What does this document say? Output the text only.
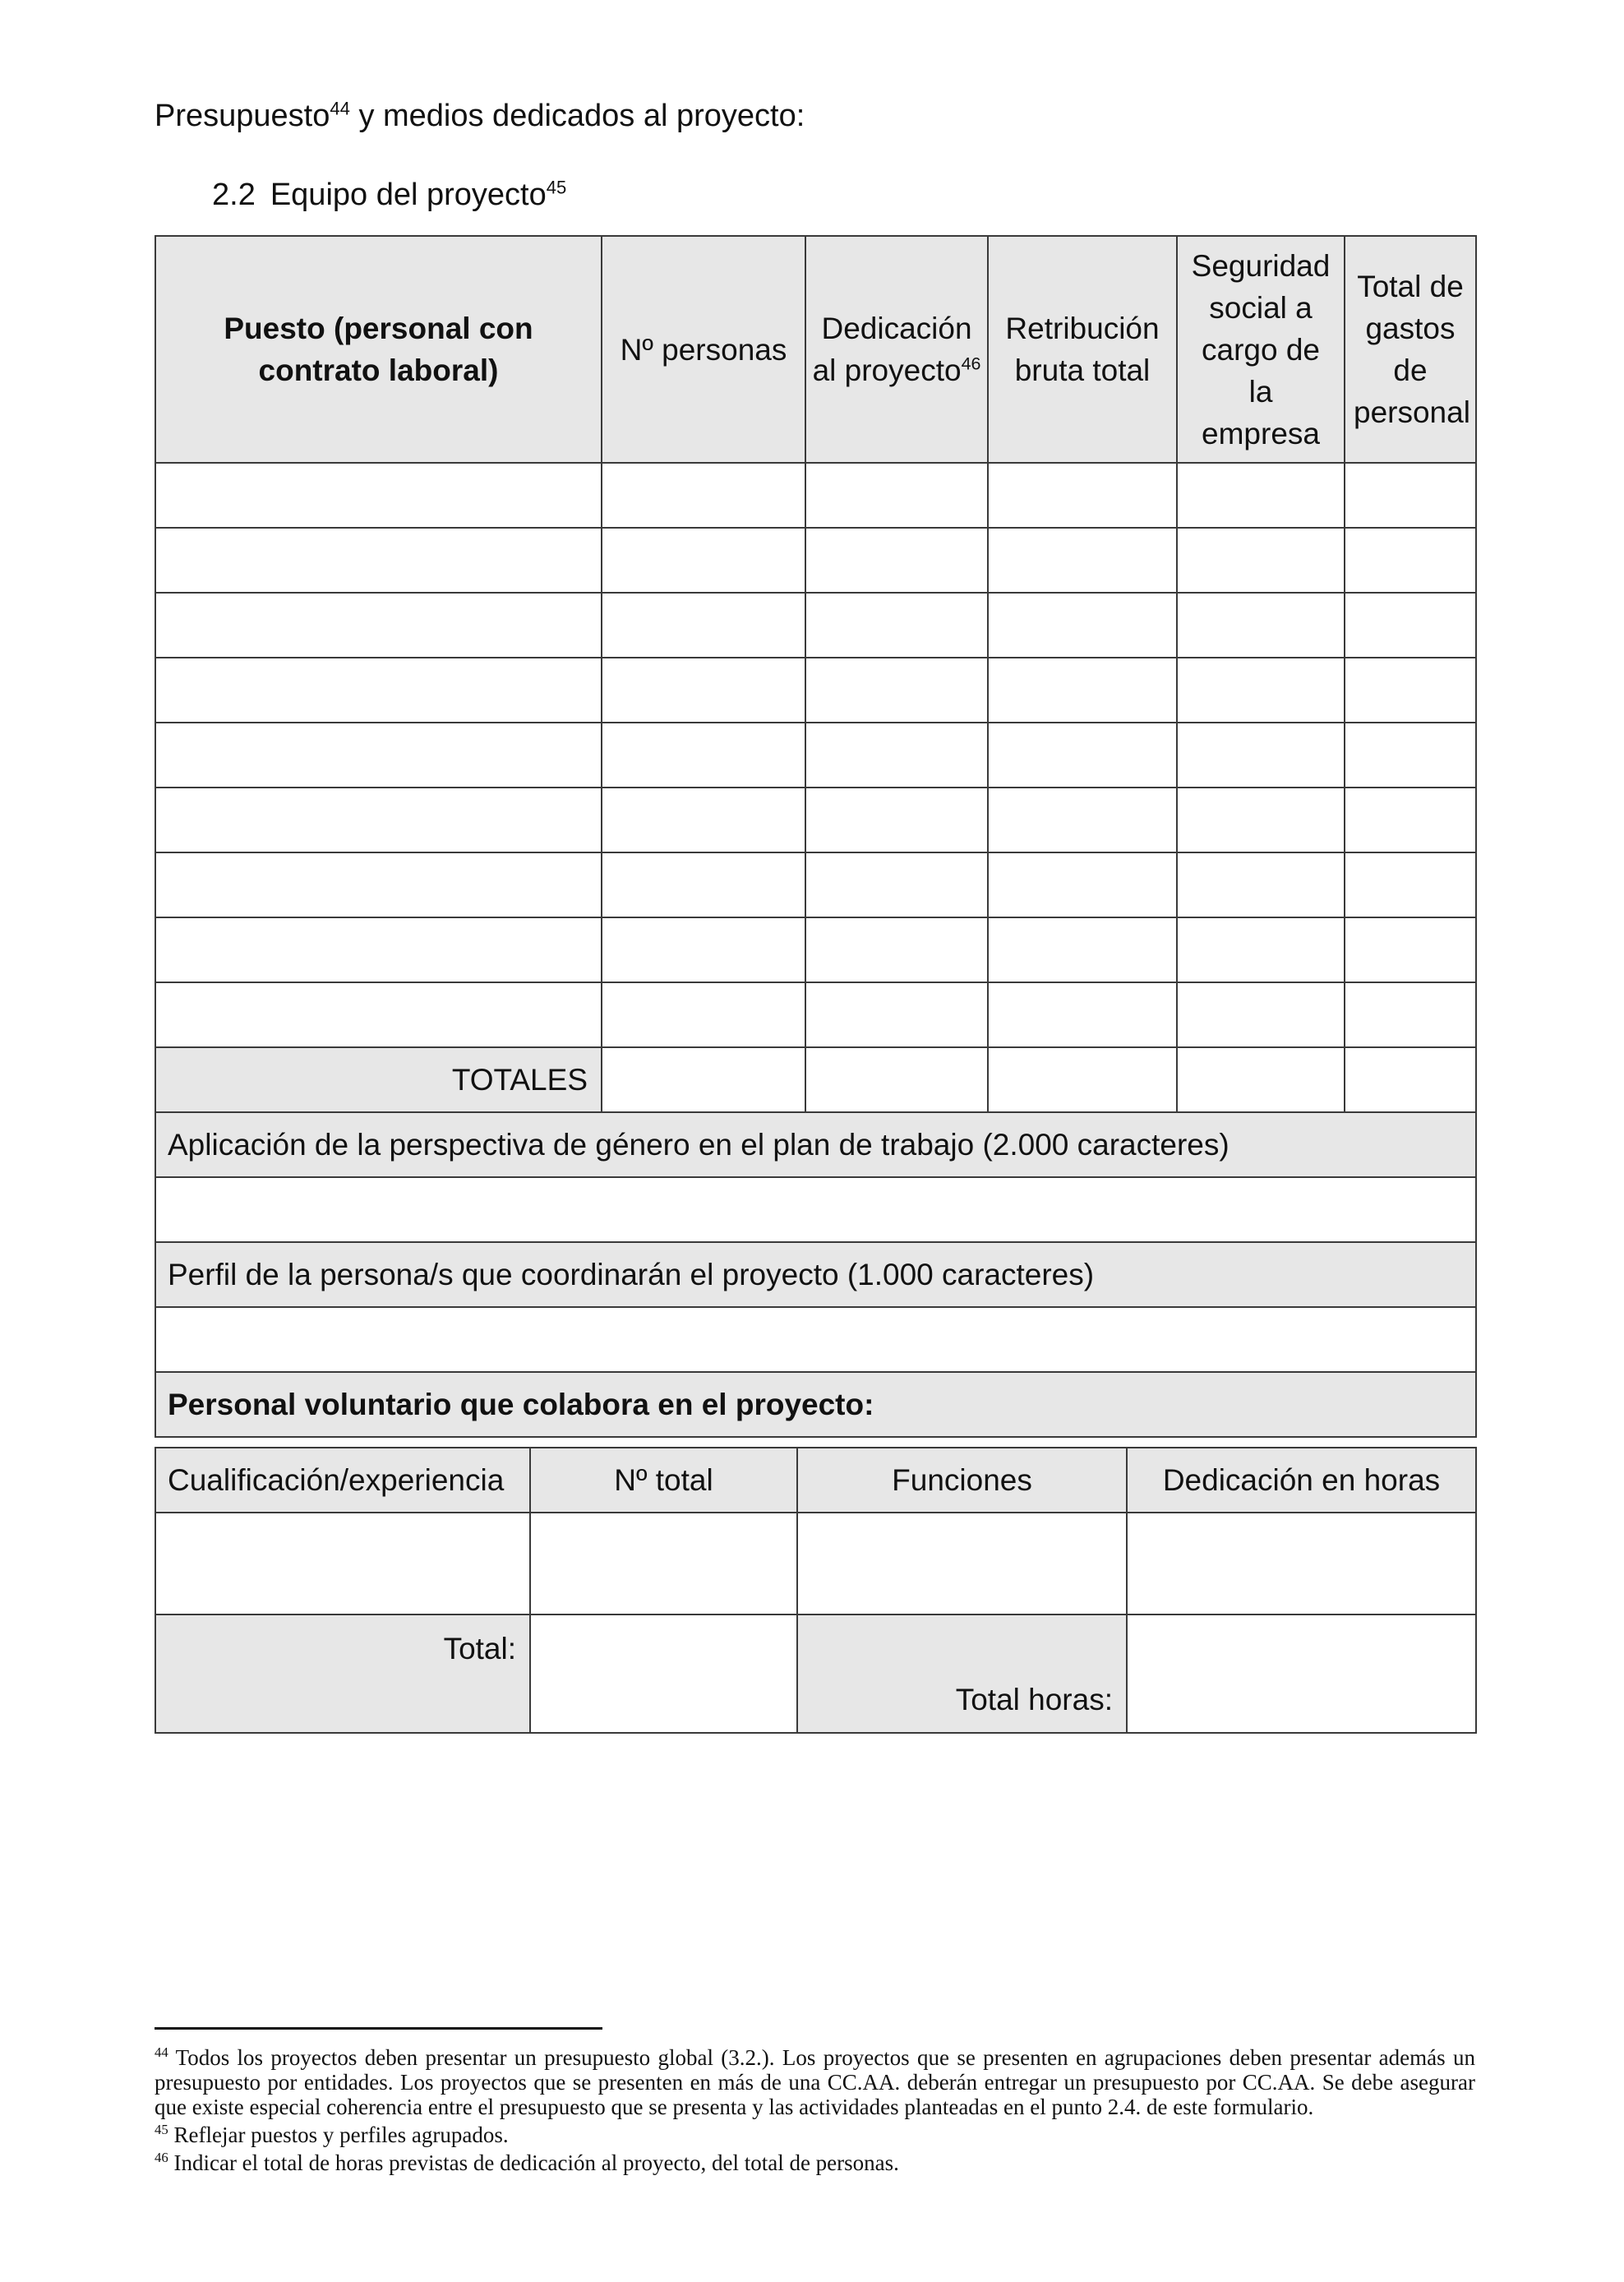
Presupuesto$^{44}$ y medios dedicados al proyecto:
2.2 Equipo del proyecto$^{45}$
Puesto (personal con contrato laboral)	Nº personas	Dedicación al proyecto$^{46}$	Retribución bruta total	Seguridad social a cargo de la empresa	Total de gastos de personal

TOTALES					
Aplicación de la perspectiva de género en el plan de trabajo (2.000 caracteres)					

Perfil de la persona/s que coordinarán el proyecto (1.000 caracteres)					

Personal voluntario que colabora en el proyecto:					
Cualificación/experiencia	Nº total	Funciones	Dedicación en horas

Total:		Total horas:	

$^{44}$ Todos los proyectos deben presentar un presupuesto global (3.2.). Los proyectos que se presenten en agrupaciones deben presentar además un presupuesto por entidades. Los proyectos que se presenten en más de una CC.AA. deberán entregar un presupuesto por CC.AA. Se debe asegurar que existe especial coherencia entre el presupuesto que se presenta y las actividades planteadas en el punto 2.4. de este formulario.

$^{45}$ Reflejar puestos y perfiles agrupados.

$^{46}$ Indicar el total de horas previstas de dedicación al proyecto, del total de personas.
